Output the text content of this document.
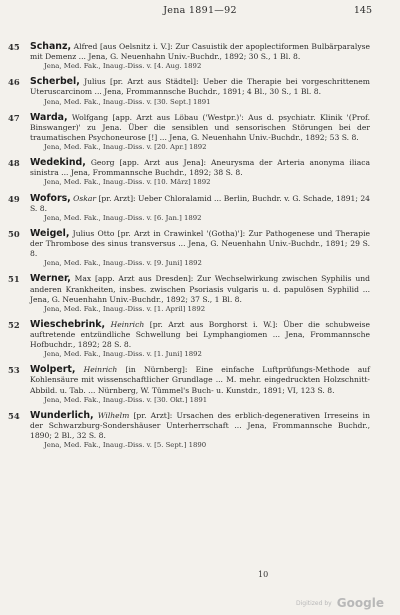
Jena 1891—92	145
45 Schanz, Alfred [aus Oelsnitz i. V.]: Zur Casuistik der apoplectiformen Bulbärparalyse mit Demenz ... Jena, G. Neuenhahn Univ.-Buchdr., 1892; 30 S., 1 Bl. 8.
Jena, Med. Fak., Inaug.-Diss. v. [4. Aug. 1892
46 Scherbel, Julius [pr. Arzt aus Städtel]: Ueber die Therapie bei vorgeschrittenem Uteruscarcinom ... Jena, Frommannsche Buchdr., 1891; 4 Bl., 30 S., 1 Bl. 8.
Jena, Med. Fak., Inaug.-Diss. v. [30. Sept.] 1891
47 Warda, Wolfgang [app. Arzt aus Löbau ('Westpr.)': Aus d. psychiatr. Klinik '(Prof. Binswanger)' zu Jena. Über die sensiblen und sensorischen Störungen bei der traumatischen Psychoneurose [!] ... Jena, G. Neuenhahn Univ.-Buchdr., 1892; 53 S. 8.
Jena, Med. Fak., Inaug.-Diss. v. [20. Apr.] 1892
48 Wedekind, Georg [app. Arzt aus Jena]: Aneurysma der Arteria anonyma iliaca sinistra ... Jena, Frommannsche Buchdr., 1892; 38 S. 8.
Jena, Med. Fak., Inaug.-Diss. v. [10. März] 1892
49 Wofors, Oskar [pr. Arzt]: Ueber Chloralamid ... Berlin, Buchdr. v. G. Schade, 1891; 24 S. 8.
Jena, Med. Fak., Inaug.-Diss. v. [6. Jan.] 1892
50 Weigel, Julius Otto [pr. Arzt in Crawinkel '(Gotha)']: Zur Pathogenese und Therapie der Thrombose des sinus transversus ... Jena, G. Neuenhahn Univ.-Buchdr., 1891; 29 S. 8.
Jena, Med. Fak., Inaug.-Diss. v. [9. Juni] 1892
51 Werner, Max [app. Arzt aus Dresden]: Zur Wechselwirkung zwischen Syphilis und anderen Krankheiten, insbes. zwischen Psoriasis vulgaris u. d. papulösen Syphilid ... Jena, G. Neuenhahn Univ.-Buchdr., 1892; 37 S., 1 Bl. 8.
Jena, Med. Fak., Inaug.-Diss. v. [1. April] 1892
52 Wieschebrink, Heinrich [pr. Arzt aus Borghorst i. W.]: Über die schubweise auftretende entzündliche Schwellung bei Lymphangiomen ... Jena, Frommannsche Hofbuchdr., 1892; 28 S. 8.
Jena, Med. Fak., Inaug.-Diss. v. [1. Juni] 1892
53 Wolpert, Heinrich [in Nürnberg]: Eine einfache Luftprüfungs-Methode auf Kohlensäure mit wissenschaftlicher Grundlage ... M. mehr. eingedruckten Holzschnitt-Abbild. u. Tab. ... Nürnberg, W. Tümmel's Buch- u. Kunstdr., 1891; VI, 123 S. 8.
Jena, Med. Fak., Inaug.-Diss. v. [30. Okt.] 1891
54 Wunderlich, Wilhelm [pr. Arzt]: Ursachen des erblich-degenerativen Irreseins in der Schwarzburg-Sondershäuser Unterherrschaft ... Jena, Frommannsche Buchdr., 1890; 2 Bl., 32 S. 8.
Jena, Med. Fak., Inaug.-Diss. v. [5. Sept.] 1890
10
Digitized by Google
